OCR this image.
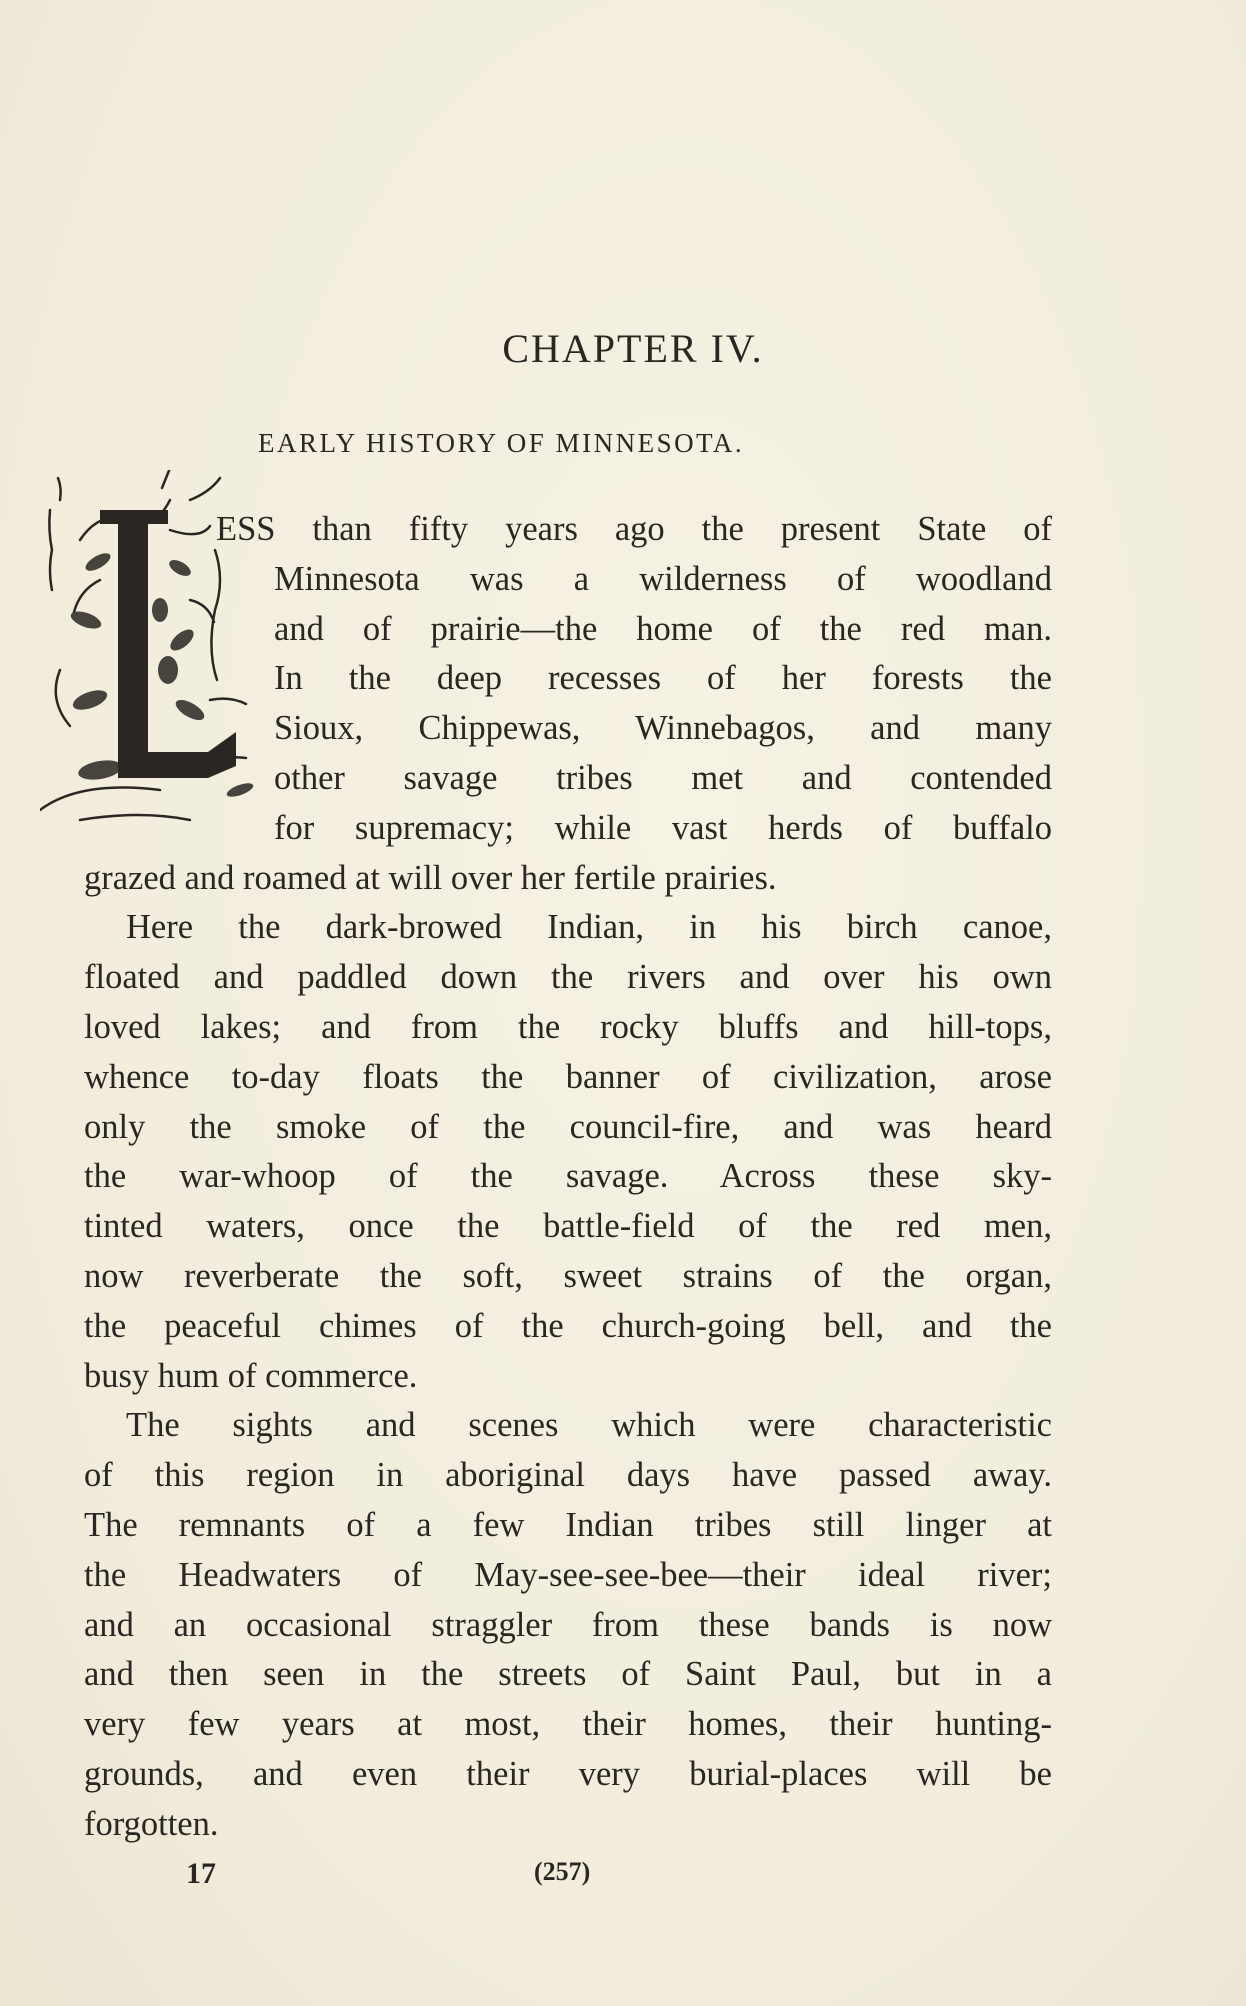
CHAPTER IV.
EARLY HISTORY OF MINNESOTA.
ESS than fifty years ago the present State of
Minnesota was a wilderness of woodland
and of prairie—the home of the red man.
In the deep recesses of her forests the
Sioux, Chippewas, Winnebagos, and many
other savage tribes met and contended
for supremacy; while vast herds of buffalo
grazed and roamed at will over her fertile prairies.
Here the dark-browed Indian, in his birch canoe,
floated and paddled down the rivers and over his own
loved lakes; and from the rocky bluffs and hill-tops,
whence to-day floats the banner of civilization, arose
only the smoke of the council-fire, and was heard
the war-whoop of the savage. Across these sky-
tinted waters, once the battle-field of the red men,
now reverberate the soft, sweet strains of the organ,
the peaceful chimes of the church-going bell, and the
busy hum of commerce.
The sights and scenes which were characteristic
of this region in aboriginal days have passed away.
The remnants of a few Indian tribes still linger at
the Headwaters of May-see-see-bee—their ideal river;
and an occasional straggler from these bands is now
and then seen in the streets of Saint Paul, but in a
very few years at most, their homes, their hunting-
grounds, and even their very burial-places will be
forgotten.
17	(257)
